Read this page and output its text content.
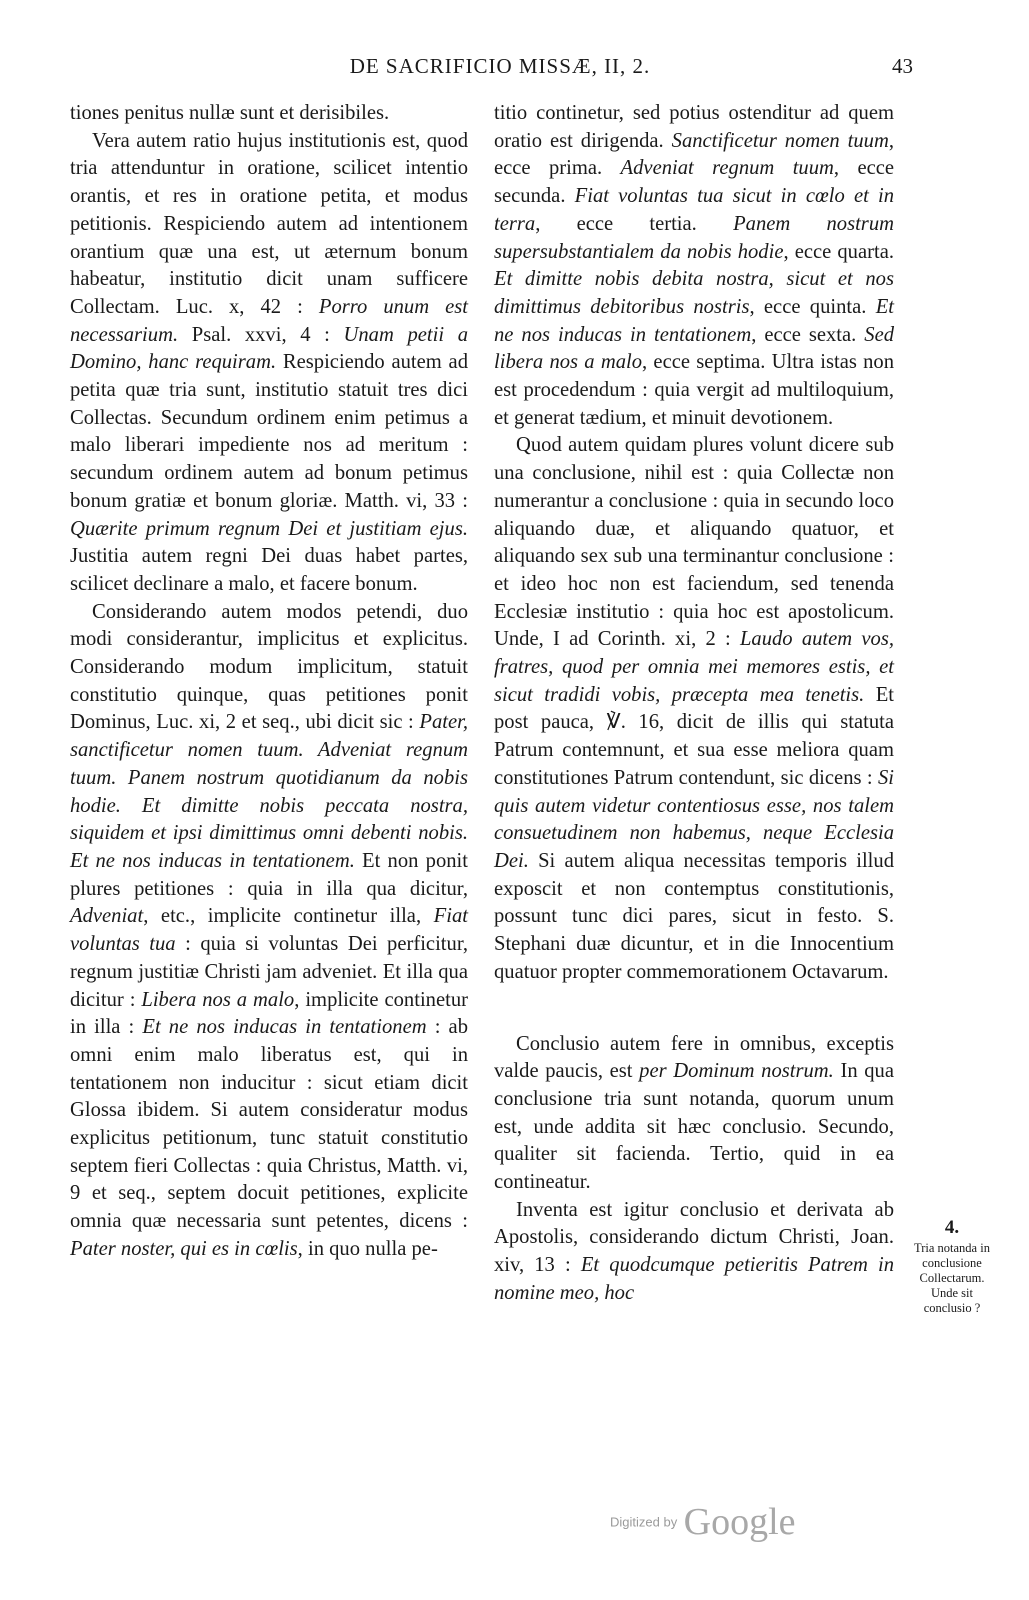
DE SACRIFICIO MISSÆ, II, 2.	43

tiones penitus nullæ sunt et derisibiles.

Vera autem ratio hujus institutionis est, quod tria attenduntur in oratione, scilicet intentio orantis, et res in oratione petita, et modus petitionis. Respiciendo autem ad intentionem orantium quæ una est, ut æternum bonum habeatur, institutio dicit unam sufficere Collectam. Luc. x, 42 : Porro unum est necessarium. Psal. xxvi, 4 : Unam petii a Domino, hanc requiram. Respiciendo autem ad petita quæ tria sunt, institutio statuit tres dici Collectas. Secundum ordinem enim petimus a malo liberari impediente nos ad meritum : secundum ordinem autem ad bonum petimus bonum gratiæ et bonum gloriæ. Matth. vi, 33 : Quærite primum regnum Dei et justitiam ejus. Justitia autem regni Dei duas habet partes, scilicet declinare a malo, et facere bonum.

Considerando autem modos petendi, duo modi considerantur, implicitus et explicitus. Considerando modum implicitum, statuit constitutio quinque, quas petitiones ponit Dominus, Luc. xi, 2 et seq., ubi dicit sic : Pater, sanctificetur nomen tuum. Adveniat regnum tuum. Panem nostrum quotidianum da nobis hodie. Et dimitte nobis peccata nostra, siquidem et ipsi dimittimus omni debenti nobis. Et ne nos inducas in tentationem. Et non ponit plures petitiones : quia in illa qua dicitur, Adveniat, etc., implicite continetur illa, Fiat voluntas tua : quia si voluntas Dei perficitur, regnum justitiæ Christi jam adveniet. Et illa qua dicitur : Libera nos a malo, implicite continetur in illa : Et ne nos inducas in tentationem : ab omni enim malo liberatus est, qui in tentationem non inducitur : sicut etiam dicit Glossa ibidem. Si autem consideratur modus explicitus petitionum, tunc statuit constitutio septem fieri Collectas : quia Christus, Matth. vi, 9 et seq., septem docuit petitiones, explicite omnia quæ necessaria sunt petentes, dicens : Pater noster, qui es in cœlis, in quo nulla pe-

titio continetur, sed potius ostenditur ad quem oratio est dirigenda. Sanctificetur nomen tuum, ecce prima. Adveniat regnum tuum, ecce secunda. Fiat voluntas tua sicut in cœlo et in terra, ecce tertia. Panem nostrum supersubstantialem da nobis hodie, ecce quarta. Et dimitte nobis debita nostra, sicut et nos dimittimus debitoribus nostris, ecce quinta. Et ne nos inducas in tentationem, ecce sexta. Sed libera nos a malo, ecce septima. Ultra istas non est procedendum : quia vergit ad multiloquium, et generat tædium, et minuit devotionem.

Quod autem quidam plures volunt dicere sub una conclusione, nihil est : quia Collectæ non numerantur a conclusione : quia in secundo loco aliquando duæ, et aliquando quatuor, et aliquando sex sub una terminantur conclusione : et ideo hoc non est faciendum, sed tenenda Ecclesiæ institutio : quia hoc est apostolicum. Unde, I ad Corinth. xi, 2 : Laudo autem vos, fratres, quod per omnia mei memores estis, et sicut tradidi vobis, præcepta mea tenetis. Et post pauca, ℣. 16, dicit de illis qui statuta Patrum contemnunt, et sua esse meliora quam constitutiones Patrum contendunt, sic dicens : Si quis autem videtur contentiosus esse, nos talem consuetudinem non habemus, neque Ecclesia Dei. Si autem aliqua necessitas temporis illud exposcit et non contemptus constitutionis, possunt tunc dici pares, sicut in festo. S. Stephani duæ dicuntur, et in die Innocentium quatuor propter commemorationem Octavarum.

Conclusio autem fere in omnibus, exceptis valde paucis, est per Dominum nostrum. In qua conclusione tria sunt notanda, quorum unum est, unde addita sit hæc conclusio. Secundo, qualiter sit facienda. Tertio, quid in ea contineatur.

Inventa est igitur conclusio et derivata ab Apostolis, considerando dictum Christi, Joan. xiv, 13 : Et quodcumque petieritis Patrem in nomine meo, hoc

4.
Tria notanda in
conclusione Collectarum.
Unde sit
conclusio ?
Digitized by Google
